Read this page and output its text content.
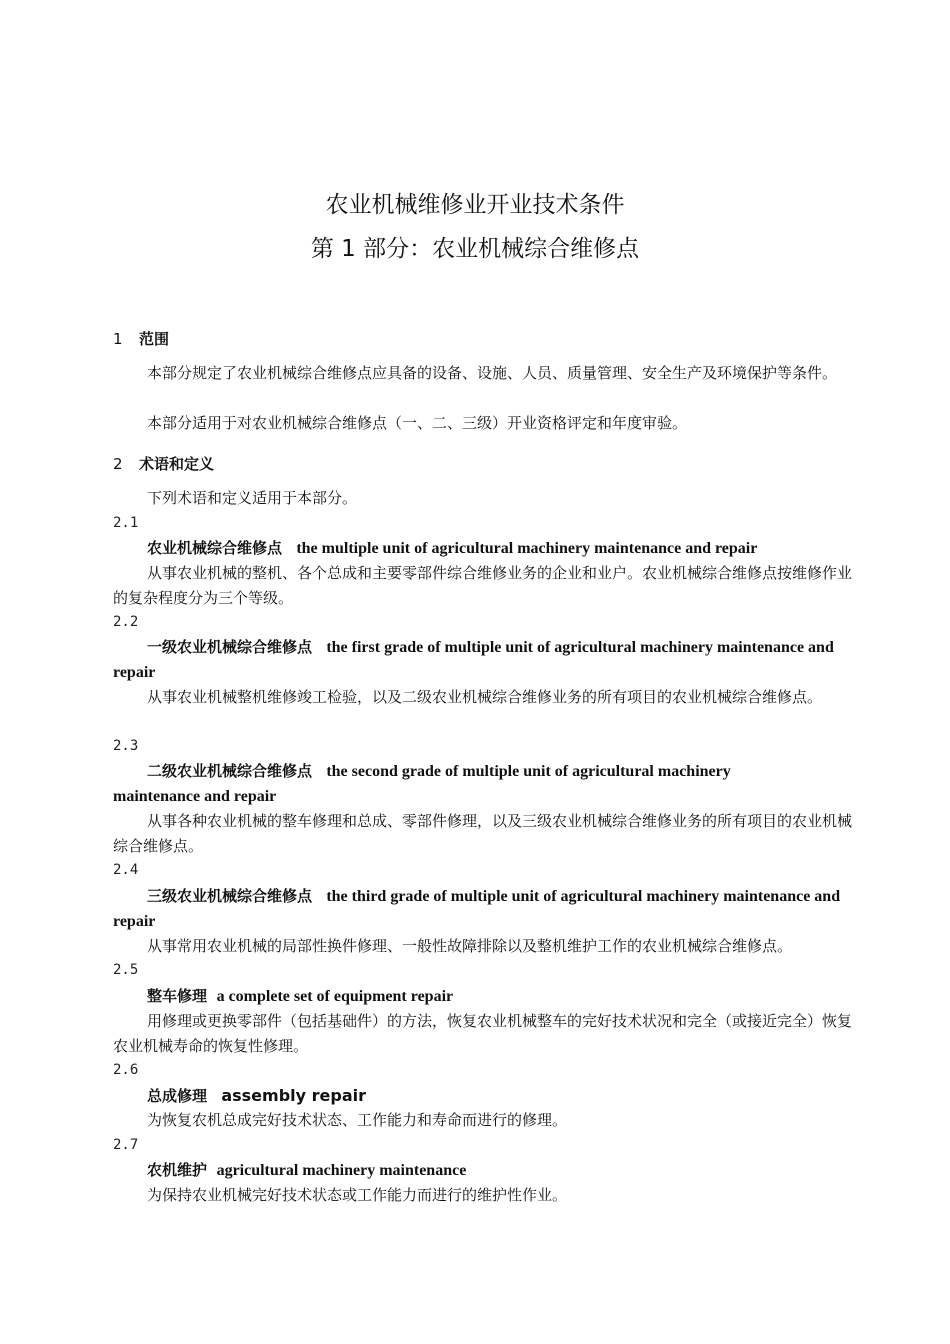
农业机械维修业开业技术条件
第 1 部分：农业机械综合维修点
1 范围
本部分规定了农业机械综合维修点应具备的设备、设施、人员、质量管理、安全生产及环境保护等条件。
本部分适用于对农业机械综合维修点（一、二、三级）开业资格评定和年度审验。
2 术语和定义
下列术语和定义适用于本部分。
2.1
农业机械综合维修点 the multiple unit of agricultural machinery maintenance and repair
从事农业机械的整机、各个总成和主要零部件综合维修业务的企业和业户。农业机械综合维修点按维修作业的复杂程度分为三个等级。
2.2
一级农业机械综合维修点 the first grade of multiple unit of agricultural machinery maintenance and repair
从事农业机械整机维修竣工检验，以及二级农业机械综合维修业务的所有项目的农业机械综合维修点。
2.3
二级农业机械综合维修点 the second grade of multiple unit of agricultural machinery maintenance and repair
从事各种农业机械的整车修理和总成、零部件修理，以及三级农业机械综合维修业务的所有项目的农业机械综合维修点。
2.4
三级农业机械综合维修点 the third grade of multiple unit of agricultural machinery maintenance and repair
从事常用农业机械的局部性换件修理、一般性故障排除以及整机维护工作的农业机械综合维修点。
2.5
整车修理 a complete set of equipment repair
用修理或更换零部件（包括基础件）的方法，恢复农业机械整车的完好技术状况和完全（或接近完全）恢复农业机械寿命的恢复性修理。
2.6
总成修理 assembly repair
为恢复农机总成完好技术状态、工作能力和寿命而进行的修理。
2.7
农机维护 agricultural machinery maintenance
为保持农业机械完好技术状态或工作能力而进行的维护性作业。
